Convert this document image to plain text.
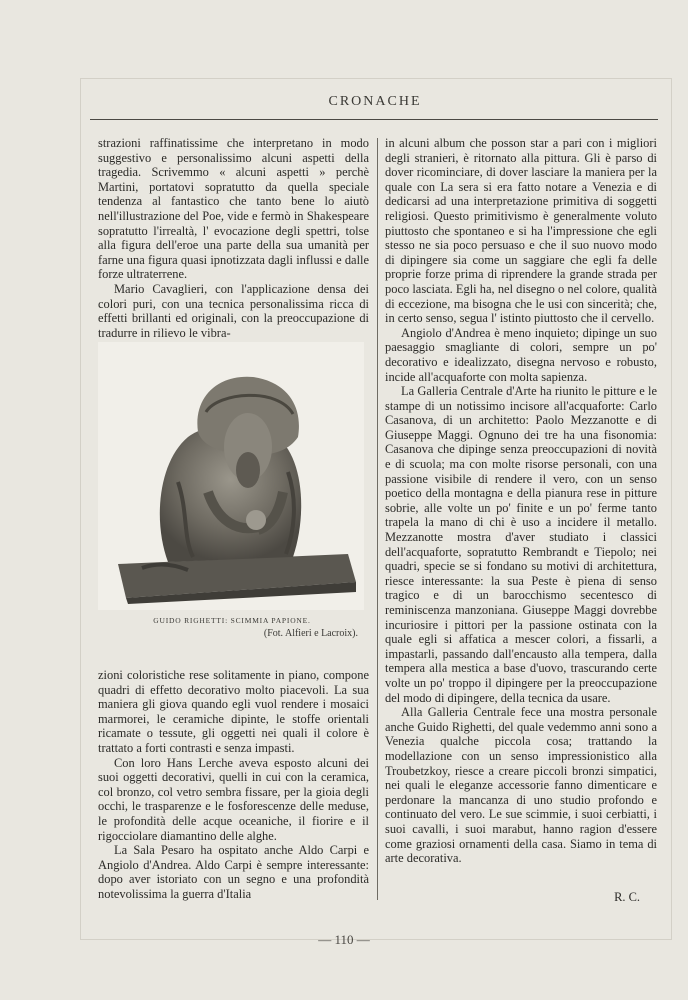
CRONACHE

strazioni raffinatissime che interpretano in modo suggestivo e personalissimo alcuni aspetti della tragedia. Scrivemmo « alcuni aspetti » perchè Martini, portatovi sopratutto da quella speciale tendenza al fantastico che tanto bene lo aiutò nell'illustrazione del Poe, vide e fermò in Shakespeare sopratutto l'irrealtà, l' evocazione degli spettri, tolse alla figura dell'eroe una parte della sua umanità per farne una figura quasi ipnotizzata dagli influssi e dalle forze ultraterrene.

Mario Cavaglieri, con l'applicazione densa dei colori puri, con una tecnica personalissima ricca di effetti brillanti ed originali, con la preoccupazione di tradurre in rilievo le vibra-

GUIDO RIGHETTI: SCIMMIA PAPIONE.
(Fot. Alfieri e Lacroix).

zioni coloristiche rese solitamente in piano, compone quadri di effetto decorativo molto piacevoli. La sua maniera gli giova quando egli vuol rendere i mosaici marmorei, le ceramiche dipinte, le stoffe orientali ricamate o tessute, gli oggetti nei quali il colore è trattato a forti contrasti e senza impasti.

Con loro Hans Lerche aveva esposto alcuni dei suoi oggetti decorativi, quelli in cui con la ceramica, col bronzo, col vetro sembra fissare, per la gioia degli occhi, le trasparenze e le fosforescenze delle meduse, le profondità delle acque oceaniche, il fiorire e il rigocciolare diamantino delle alghe.

La Sala Pesaro ha ospitato anche Aldo Carpi e Angiolo d'Andrea. Aldo Carpi è sempre interessante: dopo aver istoriato con un segno e una profondità notevolissima la guerra d'Italia

in alcuni album che posson star a pari con i migliori degli stranieri, è ritornato alla pittura. Gli è parso di dover ricominciare, di dover lasciare la maniera per la quale con La sera si era fatto notare a Venezia e di dedicarsi ad una interpretazione primitiva di soggetti religiosi. Questo primitivismo è generalmente voluto piuttosto che spontaneo e si ha l'impressione che egli stesso ne sia poco persuaso e che il suo nuovo modo di dipingere sia come un saggiare che egli fa delle proprie forze prima di riprendere la grande strada per poco lasciata. Egli ha, nel disegno o nel colore, qualità di eccezione, ma bisogna che le usi con sincerità; che, in certo senso, segua l' istinto piuttosto che il cervello.

Angiolo d'Andrea è meno inquieto; dipinge un suo paesaggio smagliante di colori, sempre un po' decorativo e idealizzato, disegna nervoso e robusto, incide all'acquaforte con molta sapienza.

La Galleria Centrale d'Arte ha riunito le pitture e le stampe di un notissimo incisore all'acquaforte: Carlo Casanova, di un architetto: Paolo Mezzanotte e di Giuseppe Maggi. Ognuno dei tre ha una fisonomia: Casanova che dipinge senza preoccupazioni di novità e di scuola; ma con molte risorse personali, con una passione visibile di rendere il vero, con un senso poetico della montagna e della pianura rese in pitture sobrie, alle volte un po' finite e un po' ferme tanto trapela la mano di chi è uso a incidere il metallo. Mezzanotte mostra d'aver studiato i classici dell'acquaforte, sopratutto Rembrandt e Tiepolo; nei quadri, specie se si fondano su motivi di architettura, riesce interessante: la sua Peste è piena di senso tragico e di un barocchismo secentesco di reminiscenza manzoniana. Giuseppe Maggi dovrebbe incuriosire i pittori per la passione ostinata con la quale egli si affatica a mescer colori, a fissarli, a impastarli, passando dall'encausto alla tempera, dalla tempera alla mestica a base d'uovo, trascurando certe volte un po' troppo il dipingere per la preoccupazione del modo di dipingere, della tecnica da usare.

Alla Galleria Centrale fece una mostra personale anche Guido Righetti, del quale vedemmo anni sono a Venezia qualche piccola cosa; trattando la modellazione con un senso impressionistico alla Troubetzkoy, riesce a creare piccoli bronzi simpatici, nei quali le eleganze accessorie fanno dimenticare e perdonare la mancanza di uno studio profondo e continuato del vero. Le sue scimmie, i suoi cerbiatti, i suoi cavalli, i suoi marabut, hanno ragion d'essere come graziosi ornamenti della casa. Siamo in tema di arte decorativa.

R. C.
— 110 —
